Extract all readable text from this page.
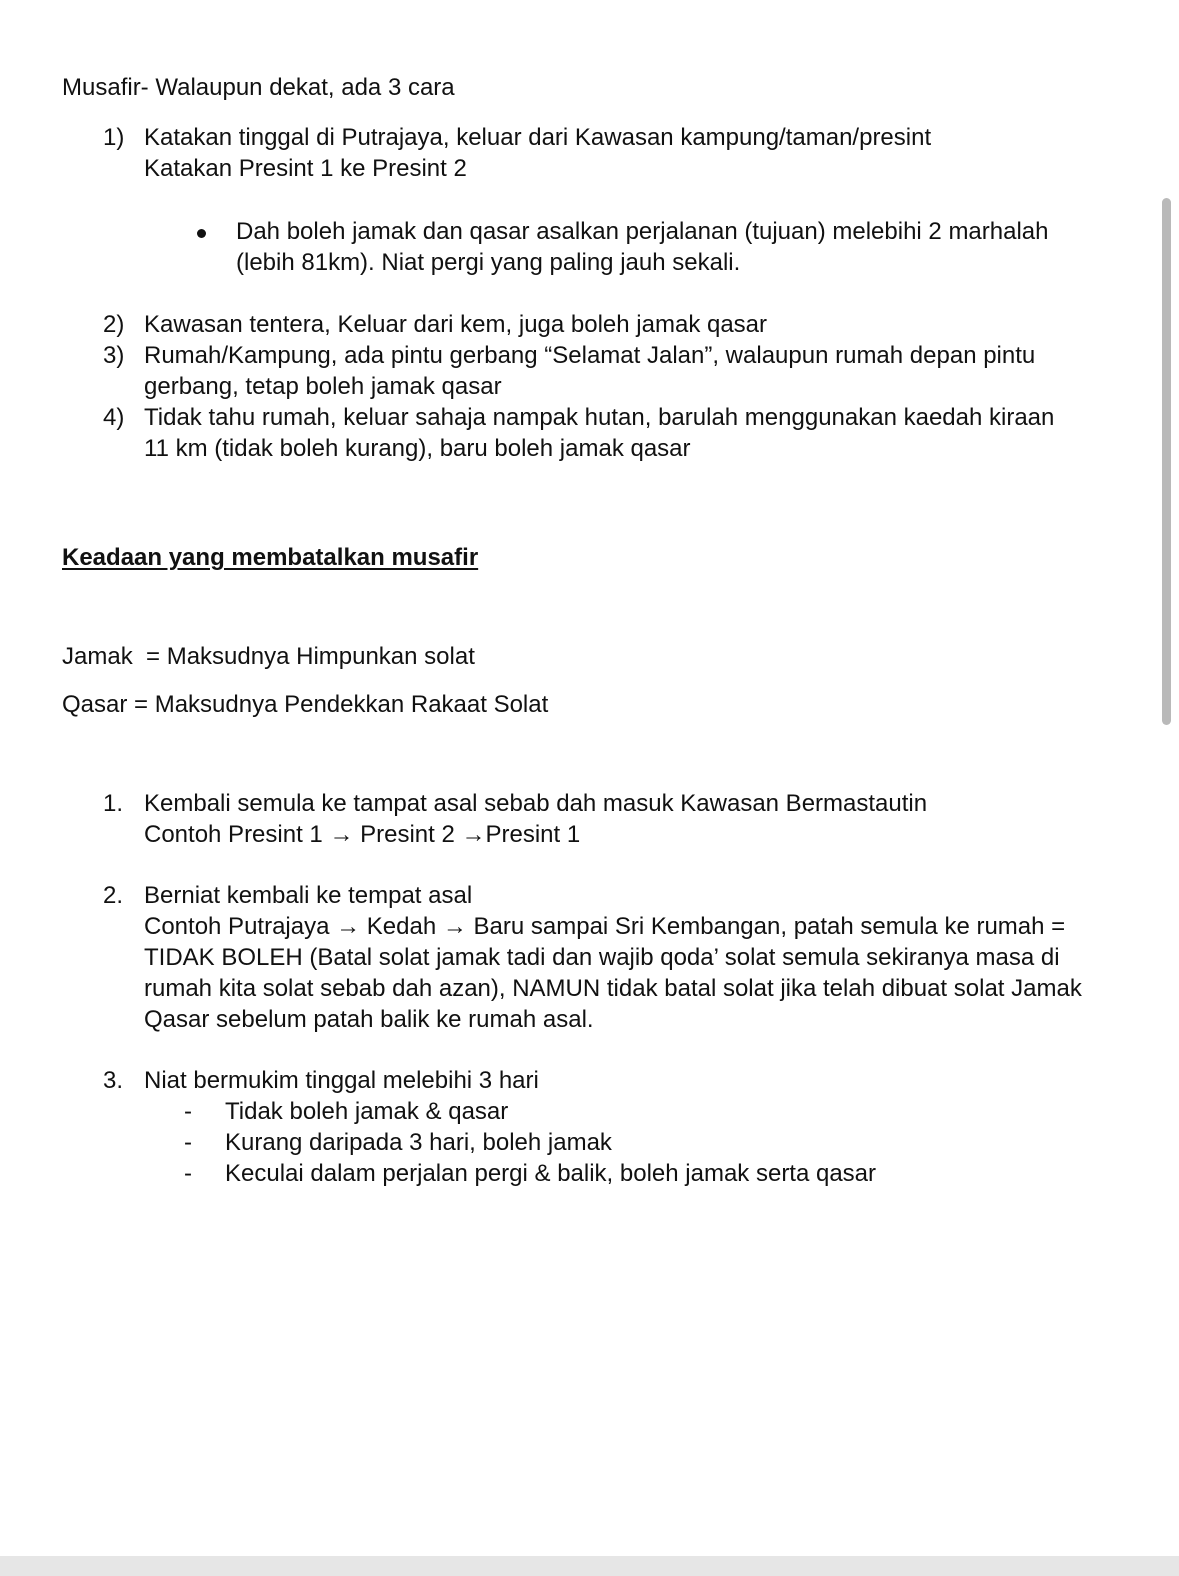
Musafir- Walaupun dekat, ada 3 cara
1) Katakan tinggal di Putrajaya, keluar dari Kawasan kampung/taman/presint
Katakan Presint 1 ke Presint 2
Dah boleh jamak dan qasar asalkan perjalanan (tujuan) melebihi 2 marhalah
(lebih 81km). Niat pergi yang paling jauh sekali.
2) Kawasan tentera, Keluar dari kem, juga boleh jamak qasar
3) Rumah/Kampung, ada pintu gerbang “Selamat Jalan”, walaupun rumah depan pintu
gerbang, tetap boleh jamak qasar
4) Tidak tahu rumah, keluar sahaja nampak hutan, barulah menggunakan kaedah kiraan
11 km (tidak boleh kurang), baru boleh jamak qasar
Keadaan yang membatalkan musafir
Jamak  = Maksudnya Himpunkan solat
Qasar = Maksudnya Pendekkan Rakaat Solat
1. Kembali semula ke tampat asal sebab dah masuk Kawasan Bermastautin
Contoh Presint 1 → Presint 2 →Presint 1
2. Berniat kembali ke tempat asal
Contoh Putrajaya → Kedah → Baru sampai Sri Kembangan, patah semula ke rumah =
TIDAK BOLEH (Batal solat jamak tadi dan wajib qoda’ solat semula sekiranya masa di
rumah kita solat sebab dah azan), NAMUN tidak batal solat jika telah dibuat solat Jamak
Qasar sebelum patah balik ke rumah asal.
3. Niat bermukim tinggal melebihi 3 hari
- Tidak boleh jamak & qasar
- Kurang daripada 3 hari, boleh jamak
- Keculai dalam perjalan pergi & balik, boleh jamak serta qasar
